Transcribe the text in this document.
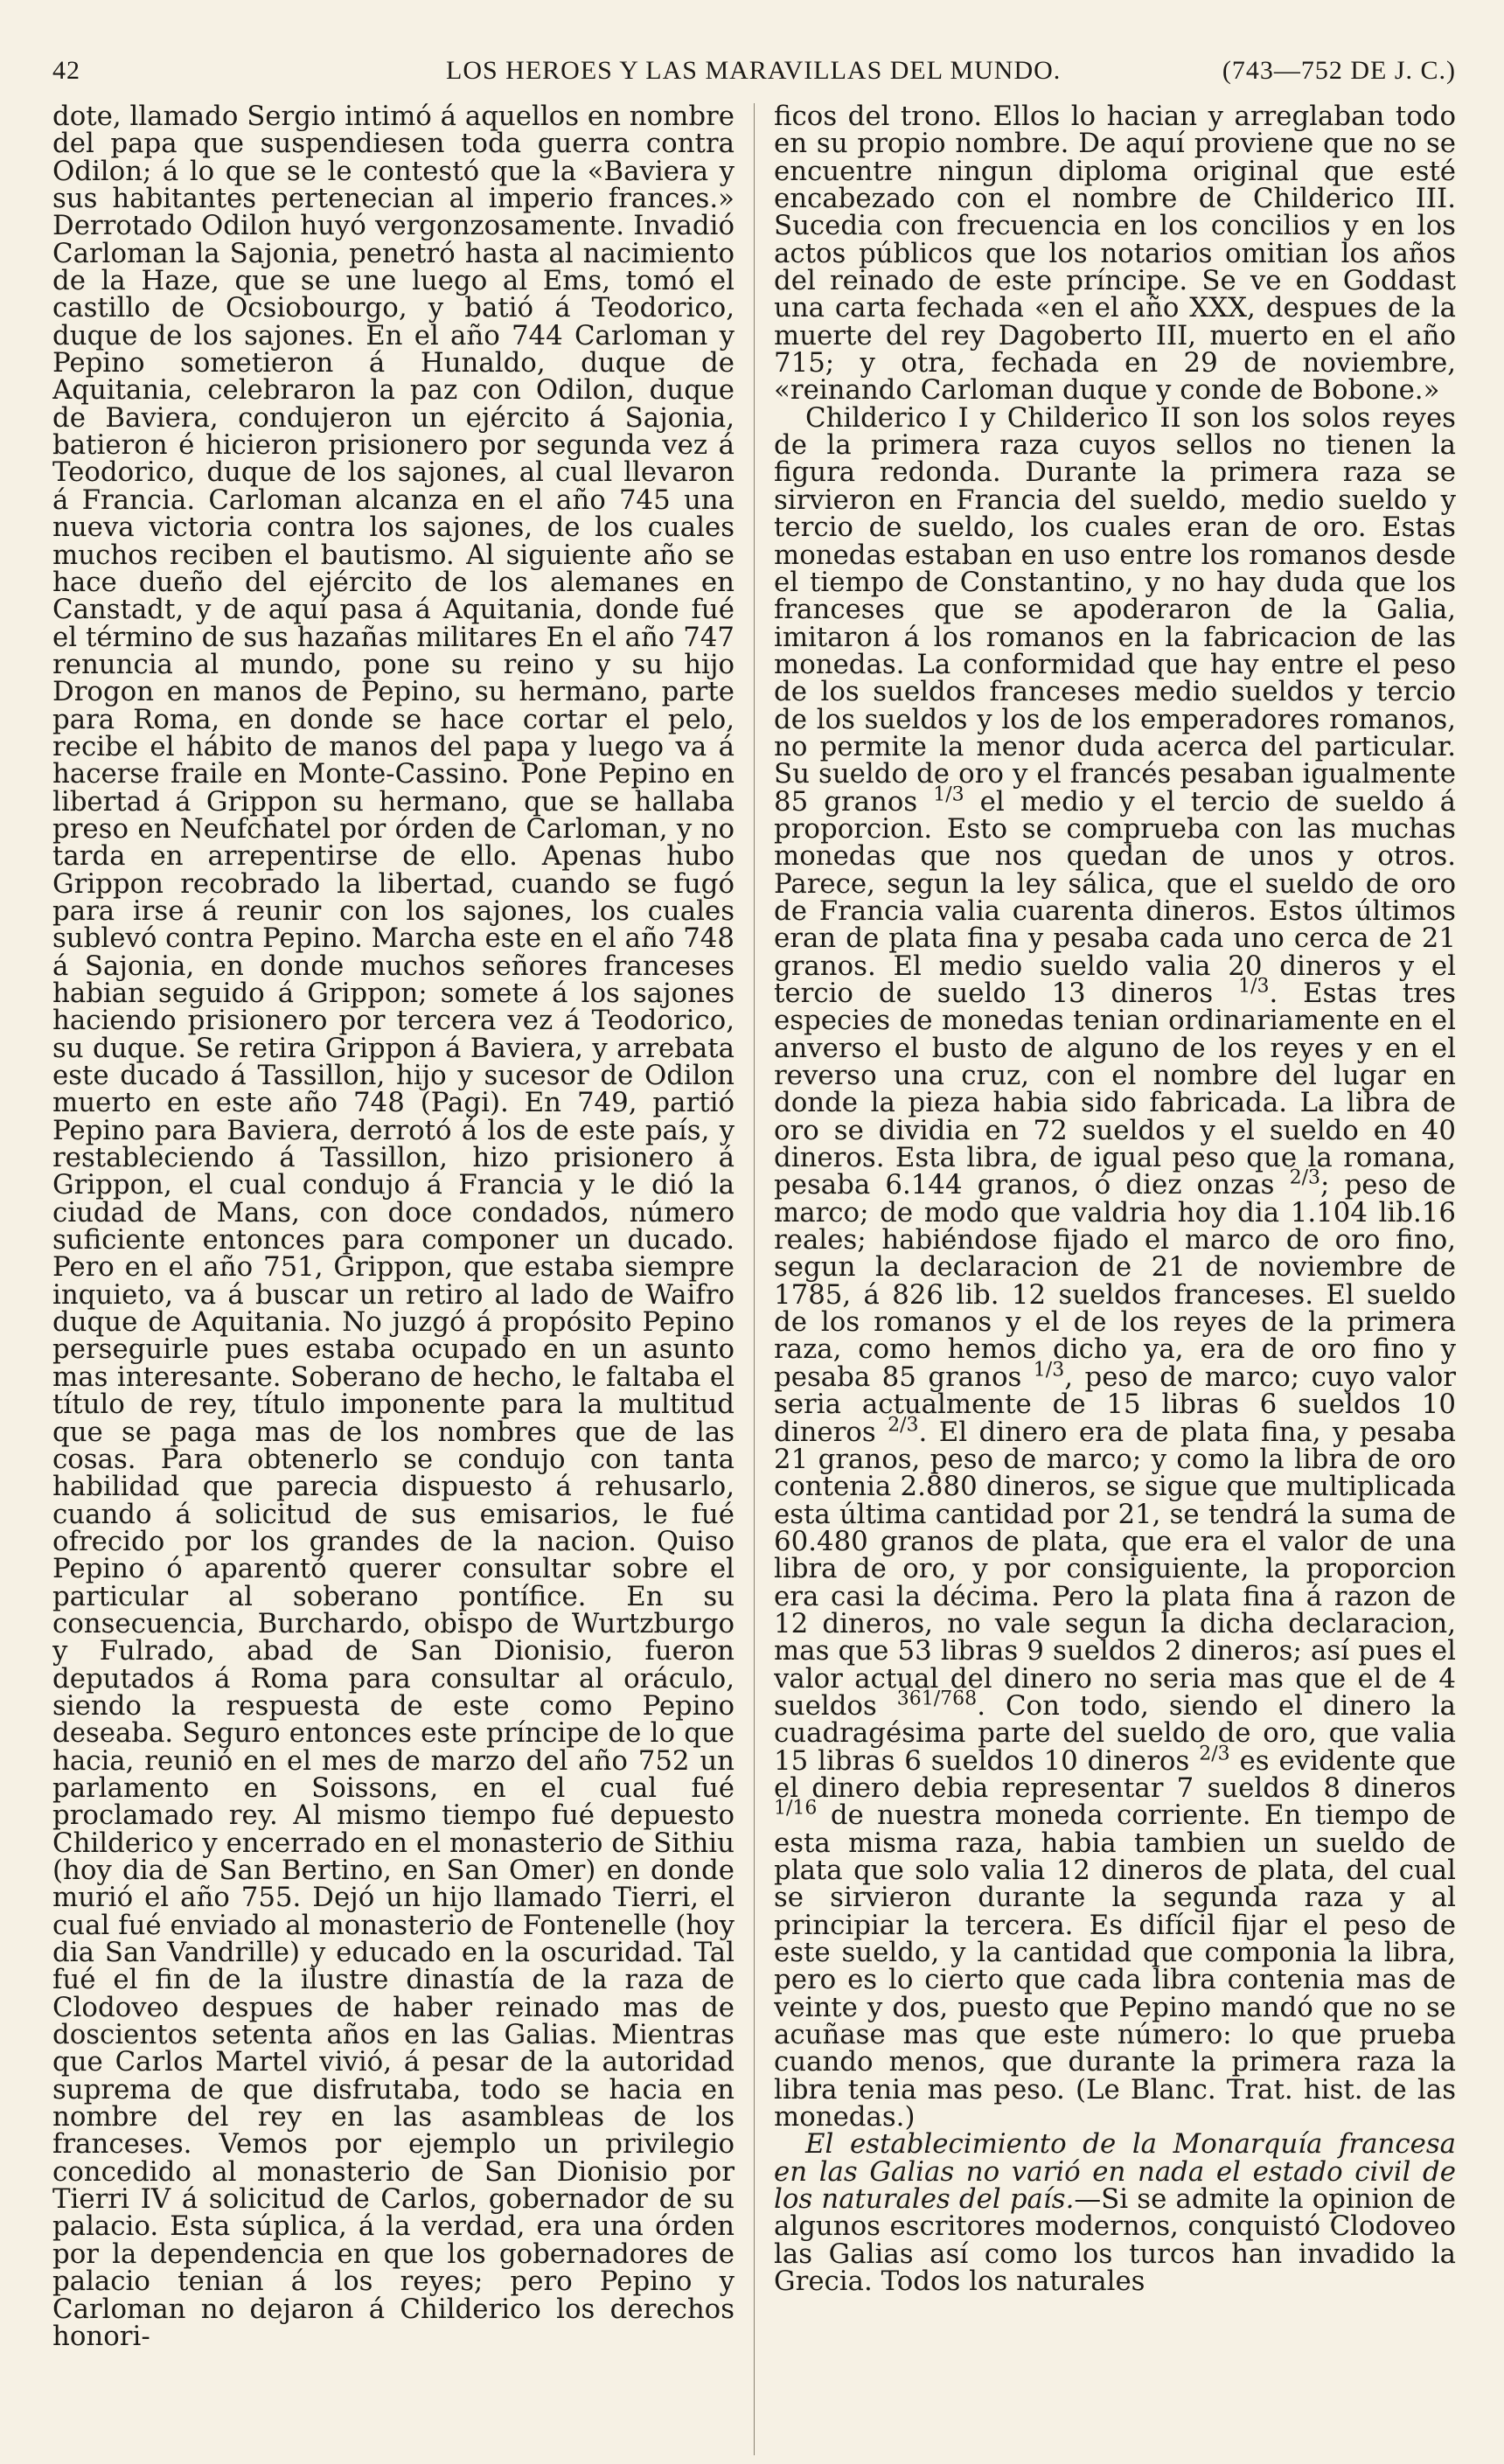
42	LOS HEROES Y LAS MARAVILLAS DEL MUNDO.	(743—752 DE J. C.)

dote, llamado Sergio intimó á aquellos en nombre del papa que suspendiesen toda guerra contra Odilon; á lo que se le contestó que la «Baviera y sus habitantes pertenecian al imperio frances.» Derrotado Odilon huyó vergonzosamente. Invadió Carloman la Sajonia, penetró hasta al nacimiento de la Haze, que se une luego al Ems, tomó el castillo de Ocsiobourgo, y batió á Teodorico, duque de los sajones. En el año 744 Carloman y Pepino sometieron á Hunaldo, duque de Aquitania, celebraron la paz con Odilon, duque de Baviera, condujeron un ejército á Sajonia, batieron é hicieron prisionero por segunda vez á Teodorico, duque de los sajones, al cual llevaron á Francia. Carloman alcanza en el año 745 una nueva victoria contra los sajones, de los cuales muchos reciben el bautismo. Al siguiente año se hace dueño del ejército de los alemanes en Canstadt, y de aquí pasa á Aquitania, donde fué el término de sus hazañas militares En el año 747 renuncia al mundo, pone su reino y su hijo Drogon en manos de Pepino, su hermano, parte para Roma, en donde se hace cortar el pelo, recibe el hábito de manos del papa y luego va á hacerse fraile en Monte-Cassino. Pone Pepino en libertad á Grippon su hermano, que se hallaba preso en Neufchatel por órden de Carloman, y no tarda en arrepentirse de ello. Apenas hubo Grippon recobrado la libertad, cuando se fugó para irse á reunir con los sajones, los cuales sublevó contra Pepino. Marcha este en el año 748 á Sajonia, en donde muchos señores franceses habian seguido á Grippon; somete á los sajones haciendo prisionero por tercera vez á Teodorico, su duque. Se retira Grippon á Baviera, y arrebata este ducado á Tassillon, hijo y sucesor de Odilon muerto en este año 748 (Pagi). En 749, partió Pepino para Baviera, derrotó á los de este país, y restableciendo á Tassillon, hizo prisionero á Grippon, el cual condujo á Francia y le dió la ciudad de Mans, con doce condados, número suficiente entonces para componer un ducado. Pero en el año 751, Grippon, que estaba siempre inquieto, va á buscar un retiro al lado de Waifro duque de Aquitania. No juzgó á propósito Pepino perseguirle pues estaba ocupado en un asunto mas interesante. Soberano de hecho, le faltaba el título de rey, título imponente para la multitud que se paga mas de los nombres que de las cosas. Para obtenerlo se condujo con tanta habilidad que parecia dispuesto á rehusarlo, cuando á solicitud de sus emisarios, le fué ofrecido por los grandes de la nacion. Quiso Pepino ó aparentó querer consultar sobre el particular al soberano pontífice. En su consecuencia, Burchardo, obispo de Wurtzburgo y Fulrado, abad de San Dionisio, fueron deputados á Roma para consultar al oráculo, siendo la respuesta de este como Pepino deseaba. Seguro entonces este príncipe de lo que hacia, reunió en el mes de marzo del año 752 un parlamento en Soissons, en el cual fué proclamado rey. Al mismo tiempo fué depuesto Childerico y encerrado en el monasterio de Sithiu (hoy dia de San Bertino, en San Omer) en donde murió el año 755. Dejó un hijo llamado Tierri, el cual fué enviado al monasterio de Fontenelle (hoy dia San Vandrille) y educado en la oscuridad. Tal fué el fin de la ilustre dinastía de la raza de Clodoveo despues de haber reinado mas de doscientos setenta años en las Galias. Mientras que Carlos Martel vivió, á pesar de la autoridad suprema de que disfrutaba, todo se hacia en nombre del rey en las asambleas de los franceses. Vemos por ejemplo un privilegio concedido al monasterio de San Dionisio por Tierri IV á solicitud de Carlos, gobernador de su palacio. Esta súplica, á la verdad, era una órden por la dependencia en que los gobernadores de palacio tenian á los reyes; pero Pepino y Carloman no dejaron á Childerico los derechos honori-

ficos del trono. Ellos lo hacian y arreglaban todo en su propio nombre. De aquí proviene que no se encuentre ningun diploma original que esté encabezado con el nombre de Childerico III. Sucedia con frecuencia en los concilios y en los actos públicos que los notarios omitian los años del reinado de este príncipe. Se ve en Goddast una carta fechada «en el año XXX, despues de la muerte del rey Dagoberto III, muerto en el año 715; y otra, fechada en 29 de noviembre, «reinando Carloman duque y conde de Bobone.»

Childerico I y Childerico II son los solos reyes de la primera raza cuyos sellos no tienen la figura redonda. Durante la primera raza se sirvieron en Francia del sueldo, medio sueldo y tercio de sueldo, los cuales eran de oro. Estas monedas estaban en uso entre los romanos desde el tiempo de Constantino, y no hay duda que los franceses que se apoderaron de la Galia, imitaron á los romanos en la fabricacion de las monedas. La conformidad que hay entre el peso de los sueldos franceses medio sueldos y tercio de los sueldos y los de los emperadores romanos, no permite la menor duda acerca del particular. Su sueldo de oro y el francés pesaban igualmente 85 granos $^{1/3}$ el medio y el tercio de sueldo á proporcion. Esto se comprueba con las muchas monedas que nos quedan de unos y otros. Parece, segun la ley sálica, que el sueldo de oro de Francia valia cuarenta dineros. Estos últimos eran de plata fina y pesaba cada uno cerca de 21 granos. El medio sueldo valia 20 dineros y el tercio de sueldo 13 dineros $^{1/3}$. Estas tres especies de monedas tenian ordinariamente en el anverso el busto de alguno de los reyes y en el reverso una cruz, con el nombre del lugar en donde la pieza habia sido fabricada. La libra de oro se dividia en 72 sueldos y el sueldo en 40 dineros. Esta libra, de igual peso que la romana, pesaba 6.144 granos, ó diez onzas $^{2/3}$; peso de marco; de modo que valdria hoy dia 1.104 lib.16 reales; habiéndose fijado el marco de oro fino, segun la declaracion de 21 de noviembre de 1785, á 826 lib. 12 sueldos franceses. El sueldo de los romanos y el de los reyes de la primera raza, como hemos dicho ya, era de oro fino y pesaba 85 granos $^{1/3}$, peso de marco; cuyo valor seria actualmente de 15 libras 6 sueldos 10 dineros $^{2/3}$. El dinero era de plata fina, y pesaba 21 granos, peso de marco; y como la libra de oro contenia 2.880 dineros, se sigue que multiplicada esta última cantidad por 21, se tendrá la suma de 60.480 granos de plata, que era el valor de una libra de oro, y por consiguiente, la proporcion era casi la décima. Pero la plata fina á razon de 12 dineros, no vale segun la dicha declaracion, mas que 53 libras 9 sueldos 2 dineros; así pues el valor actual del dinero no seria mas que el de 4 sueldos $^{361/768}$. Con todo, siendo el dinero la cuadragésima parte del sueldo de oro, que valia 15 libras 6 sueldos 10 dineros $^{2/3}$ es evidente que el dinero debia representar 7 sueldos 8 dineros $^{1/16}$ de nuestra moneda corriente. En tiempo de esta misma raza, habia tambien un sueldo de plata que solo valia 12 dineros de plata, del cual se sirvieron durante la segunda raza y al principiar la tercera. Es difícil fijar el peso de este sueldo, y la cantidad que componia la libra, pero es lo cierto que cada libra contenia mas de veinte y dos, puesto que Pepino mandó que no se acuñase mas que este número: lo que prueba cuando menos, que durante la primera raza la libra tenia mas peso. (Le Blanc. Trat. hist. de las monedas.)

El establecimiento de la Monarquía francesa en las Galias no varió en nada el estado civil de los naturales del país.—Si se admite la opinion de algunos escritores modernos, conquistó Clodoveo las Galias así como los turcos han invadido la Grecia. Todos los naturales
